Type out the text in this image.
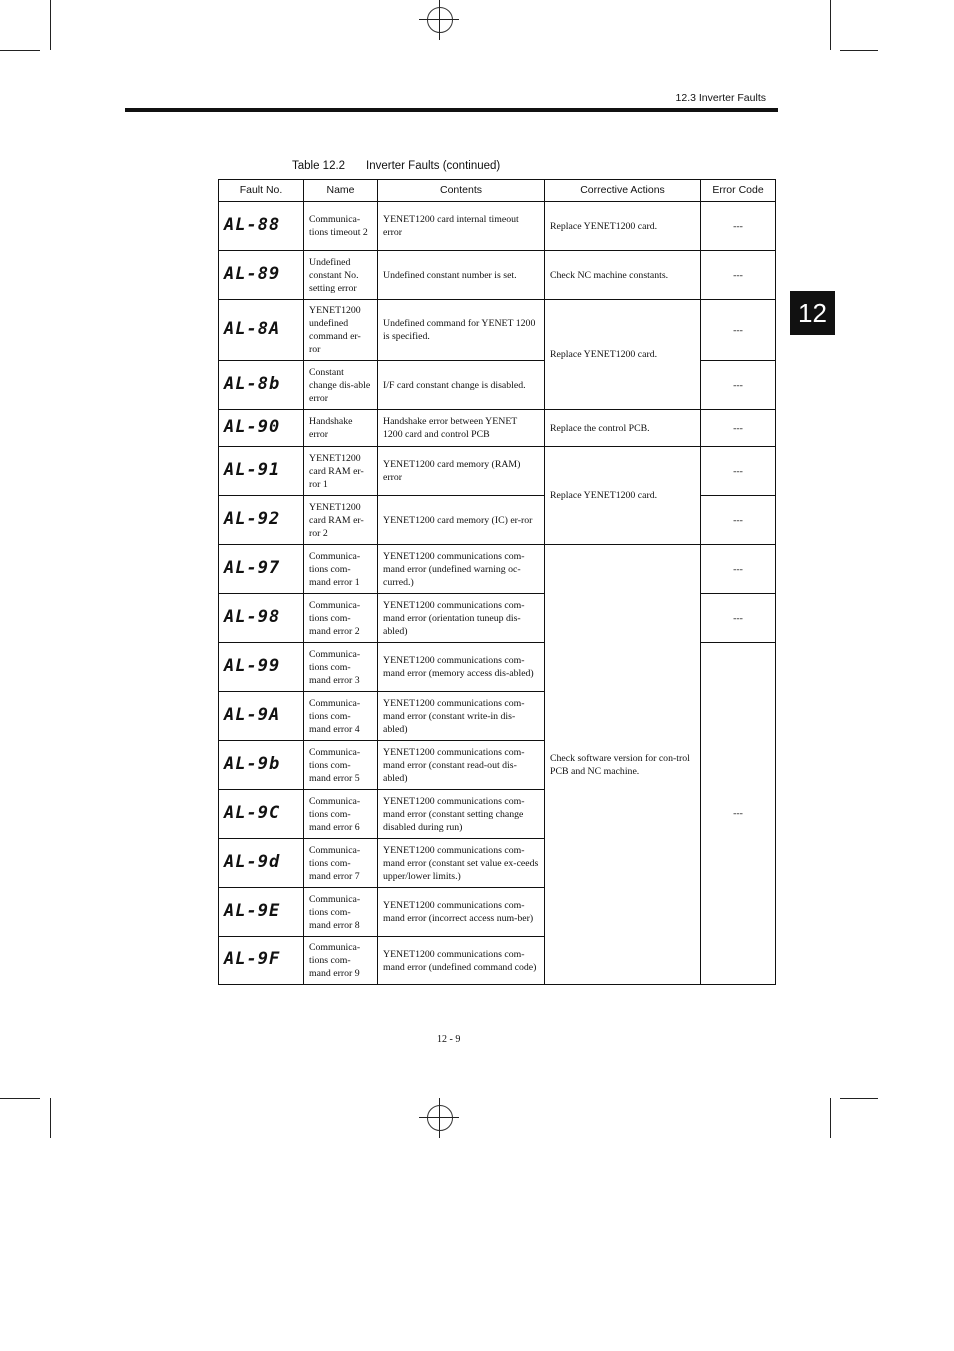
12.3 Inverter Faults
12
Table 12.2 Inverter Faults (continued)
Fault No.	Name	Contents	Corrective Actions	Error Code
AL-88	Communica-tions timeout 2	YENET1200 card internal timeout error	Replace YENET1200 card.	---
AL-89	Undefined constant No. setting error	Undefined constant number is set.	Check NC machine constants.	---
AL-8A	YENET1200 undefined command er-ror	Undefined command for YENET 1200 is specified.	Replace YENET1200 card.	---
AL-8b	Constant change dis-able error	I/F card constant change is disabled.		---
AL-90	Handshake error	Handshake error between YENET 1200 card and control PCB	Replace the control PCB.	---
AL-91	YENET1200 card RAM er-ror 1	YENET1200 card memory (RAM) error	Replace YENET1200 card.	---
AL-92	YENET1200 card RAM er-ror 2	YENET1200 card memory (IC) er-ror		---
AL-97	Communica-tions com-mand error 1	YENET1200 communications com-mand error (undefined warning oc-curred.)	Check software version for con-trol PCB and NC machine.	---
AL-98	Communica-tions com-mand error 2	YENET1200 communications com-mand error (orientation tuneup dis-abled)		---
AL-99	Communica-tions com-mand error 3	YENET1200 communications com-mand error (memory access dis-abled)		---
AL-9A	Communica-tions com-mand error 4	YENET1200 communications com-mand error (constant write-in dis-abled)		
AL-9b	Communica-tions com-mand error 5	YENET1200 communications com-mand error (constant read-out dis-abled)		
AL-9C	Communica-tions com-mand error 6	YENET1200 communications com-mand error (constant setting change disabled during run)		
AL-9d	Communica-tions com-mand error 7	YENET1200 communications com-mand error (constant set value ex-ceeds upper/lower limits.)		
AL-9E	Communica-tions com-mand error 8	YENET1200 communications com-mand error (incorrect access num-ber)		
AL-9F	Communica-tions com-mand error 9	YENET1200 communications com-mand error (undefined command code)		
12 - 9
